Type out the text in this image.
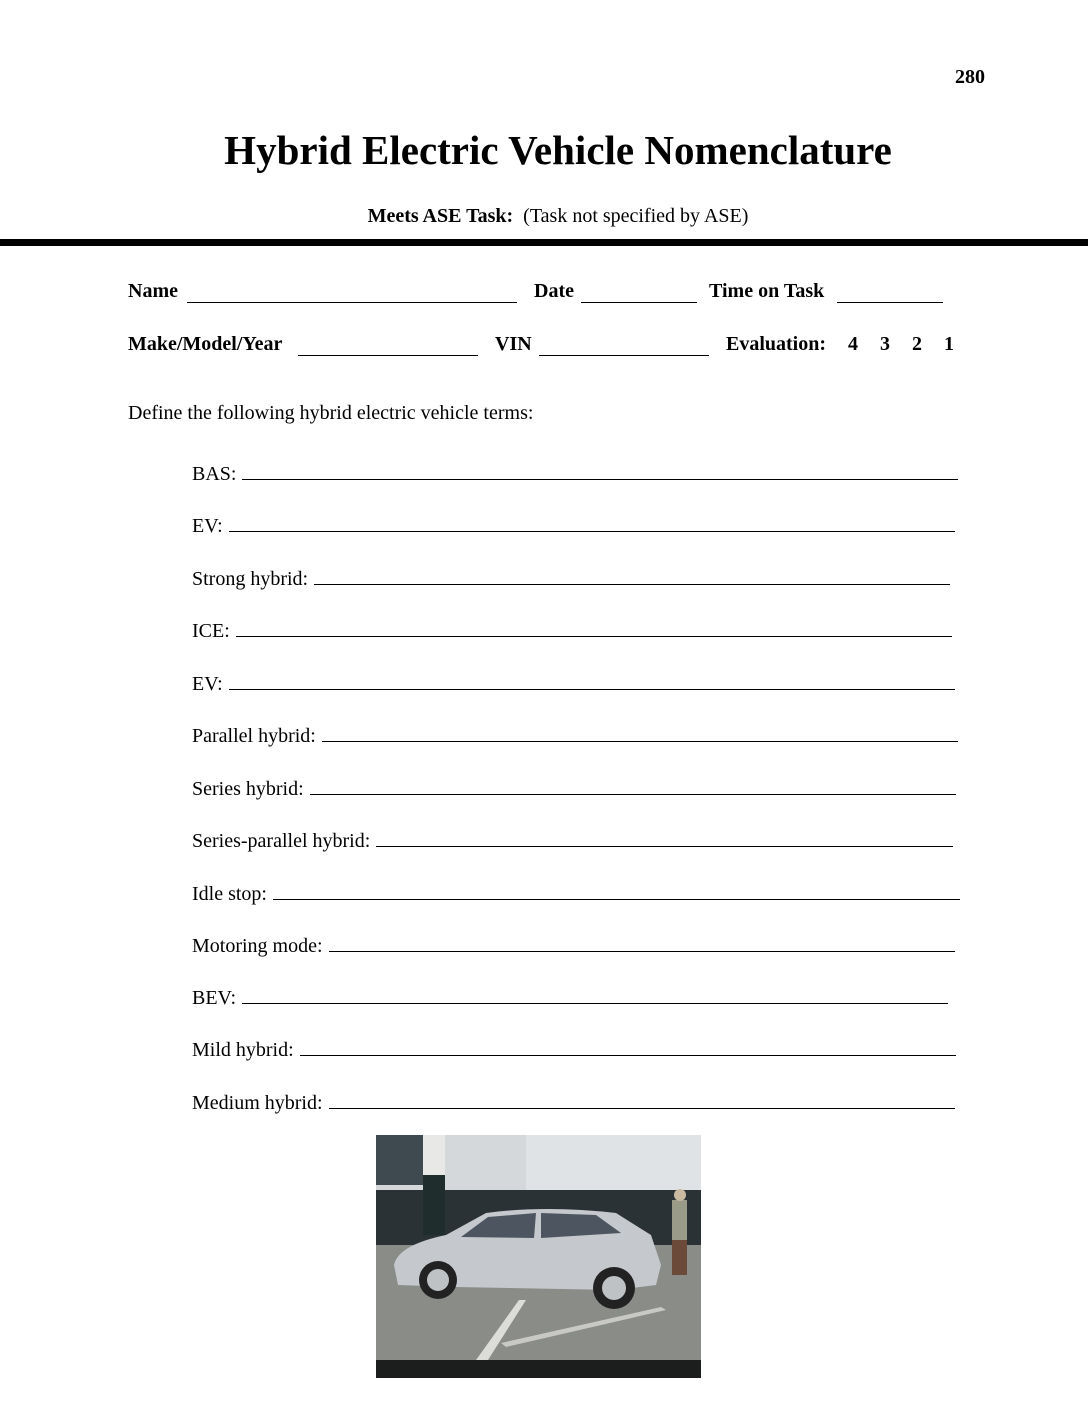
280
Hybrid Electric Vehicle Nomenclature
Meets ASE Task: (Task not specified by ASE)
Name	Date	Time on Task
Make/Model/Year	VIN	Evaluation: 4 3 2 1
Define the following hybrid electric vehicle terms:
BAS:
EV:
Strong hybrid:
ICE:
EV:
Parallel hybrid:
Series hybrid:
Series-parallel hybrid:
Idle stop:
Motoring mode:
BEV:
Mild hybrid:
Medium hybrid:
